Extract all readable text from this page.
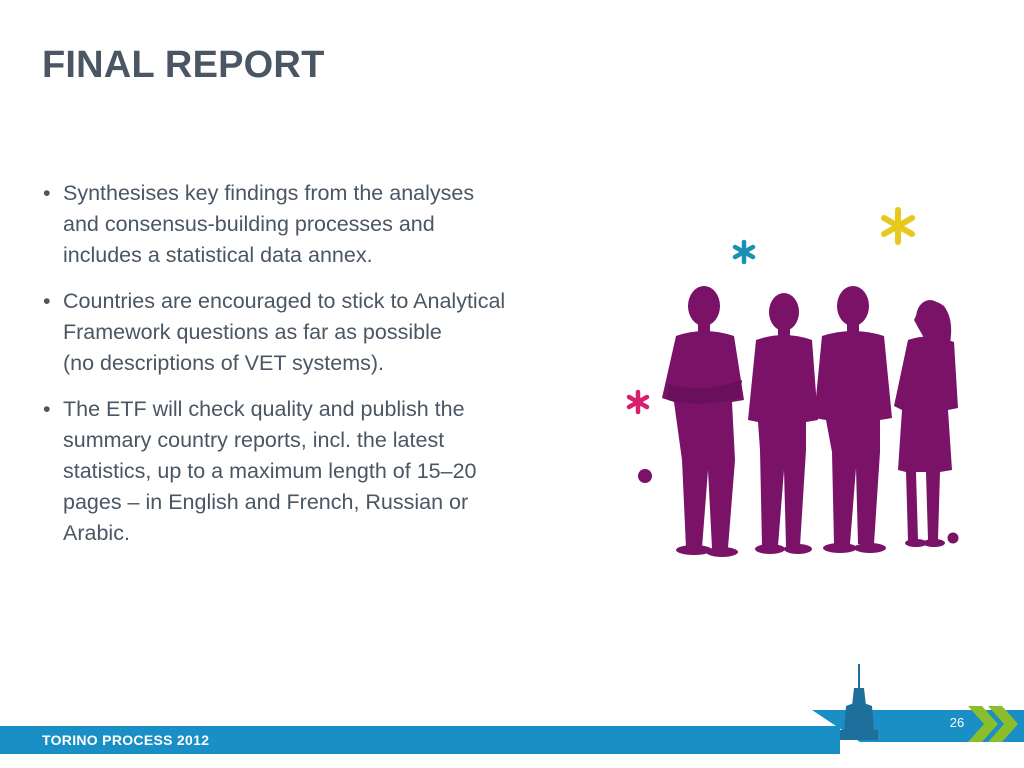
FINAL REPORT
• Synthesises key findings from the analyses
and consensus-building processes and
includes a statistical data annex.
• Countries are encouraged to stick to Analytical
Framework questions as far as possible
(no descriptions of VET systems).
• The ETF will check quality and publish the
summary country reports, incl. the latest
statistics, up to a maximum length of 15–20
pages – in English and French, Russian or
Arabic.
TORINO PROCESS 2012
26
